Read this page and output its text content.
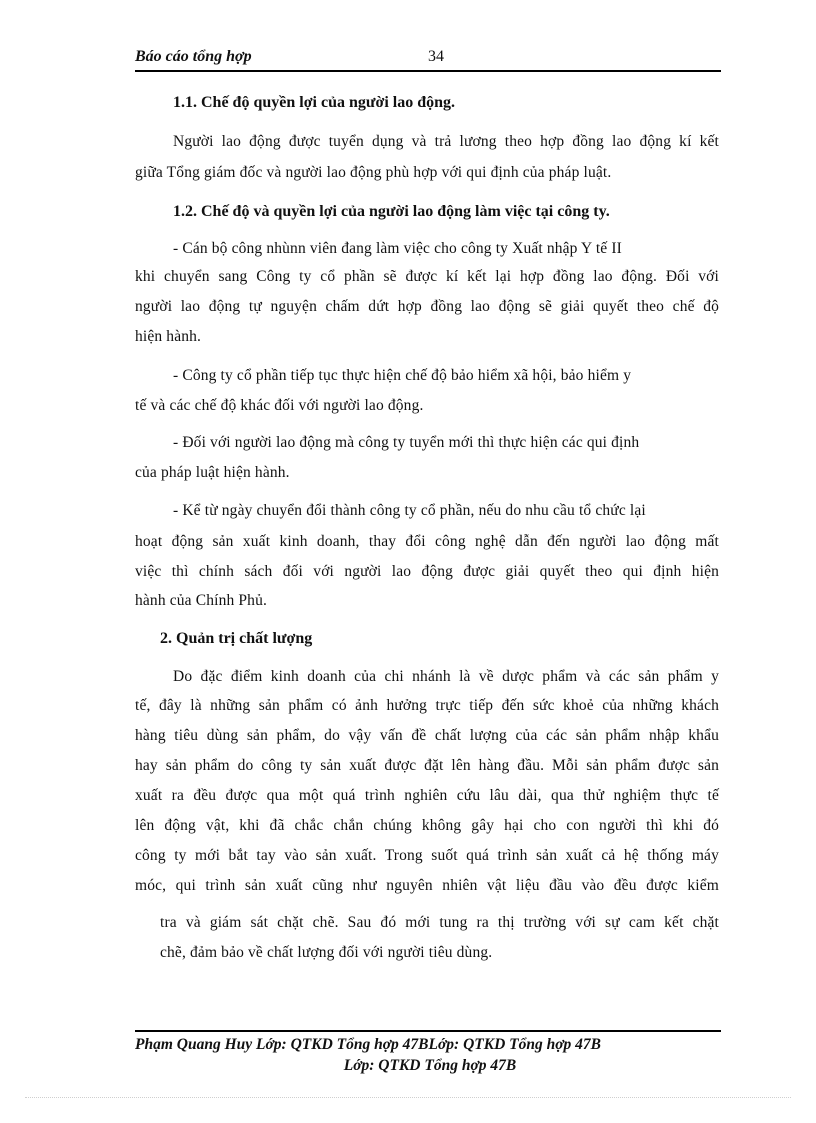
Báo cáo tổng hợp	34
1.1. Chế độ quyền lợi của người lao động.
Người lao động được tuyển dụng và trả lương theo hợp đồng lao động kí kết
giữa Tổng giám đốc và người lao động phù hợp với qui định của pháp luật.
1.2. Chế độ và quyền lợi của người lao động làm việc tại công ty.
- Cán bộ công nhùnn viên đang làm việc cho công ty Xuất nhập Y tế II
khi chuyển sang Công ty cổ phần sẽ được kí kết lại hợp đồng lao động. Đối với
người lao động tự nguyện chấm dứt hợp đồng lao động sẽ giải quyết theo chế độ
hiện hành.
- Công ty cổ phần tiếp tục thực hiện chế độ bảo hiểm xã hội, bảo hiểm y
tế và các chế độ khác đối với người lao động.
- Đối với người lao động mà công ty tuyển mới thì thực hiện các qui định
của pháp luật hiện hành.
- Kể từ ngày chuyển đổi thành công ty cổ phần, nếu do nhu cầu tổ chức lại
hoạt động sản xuất kinh doanh, thay đổi công nghệ dẫn đến người lao động mất
việc thì chính sách đối với người lao động được giải quyết theo qui định hiện
hành của Chính Phủ.
2. Quản trị chất lượng
Do đặc điểm kinh doanh của chi nhánh là về dược phẩm và các sản phẩm y
tế, đây là những sản phẩm có ảnh hưởng trực tiếp đến sức khoẻ của những khách
hàng tiêu dùng sản phẩm, do vậy vấn đề chất lượng của các sản phẩm nhập khẩu
hay sản phẩm do công ty sản xuất được đặt lên hàng đầu. Mỗi sản phẩm được sản
xuất ra đều được qua một quá trình nghiên cứu lâu dài, qua thử nghiệm thực tế
lên động vật, khi đã chắc chắn chúng không gây hại cho con người thì khi đó
công ty mới bắt tay vào sản xuất. Trong suốt quá trình sản xuất cả hệ thống máy
móc, qui trình sản xuất cũng như nguyên nhiên vật liệu đầu vào đều được kiểm
tra và giám sát chặt chẽ. Sau đó mới tung ra thị trường với sự cam kết chặt
chẽ, đảm bảo về chất lượng đối với người tiêu dùng.
Phạm Quang Huy Lớp: QTKD Tổng hợp 47BLớp: QTKD Tổng hợp 47B
Lớp: QTKD Tổng hợp 47B
